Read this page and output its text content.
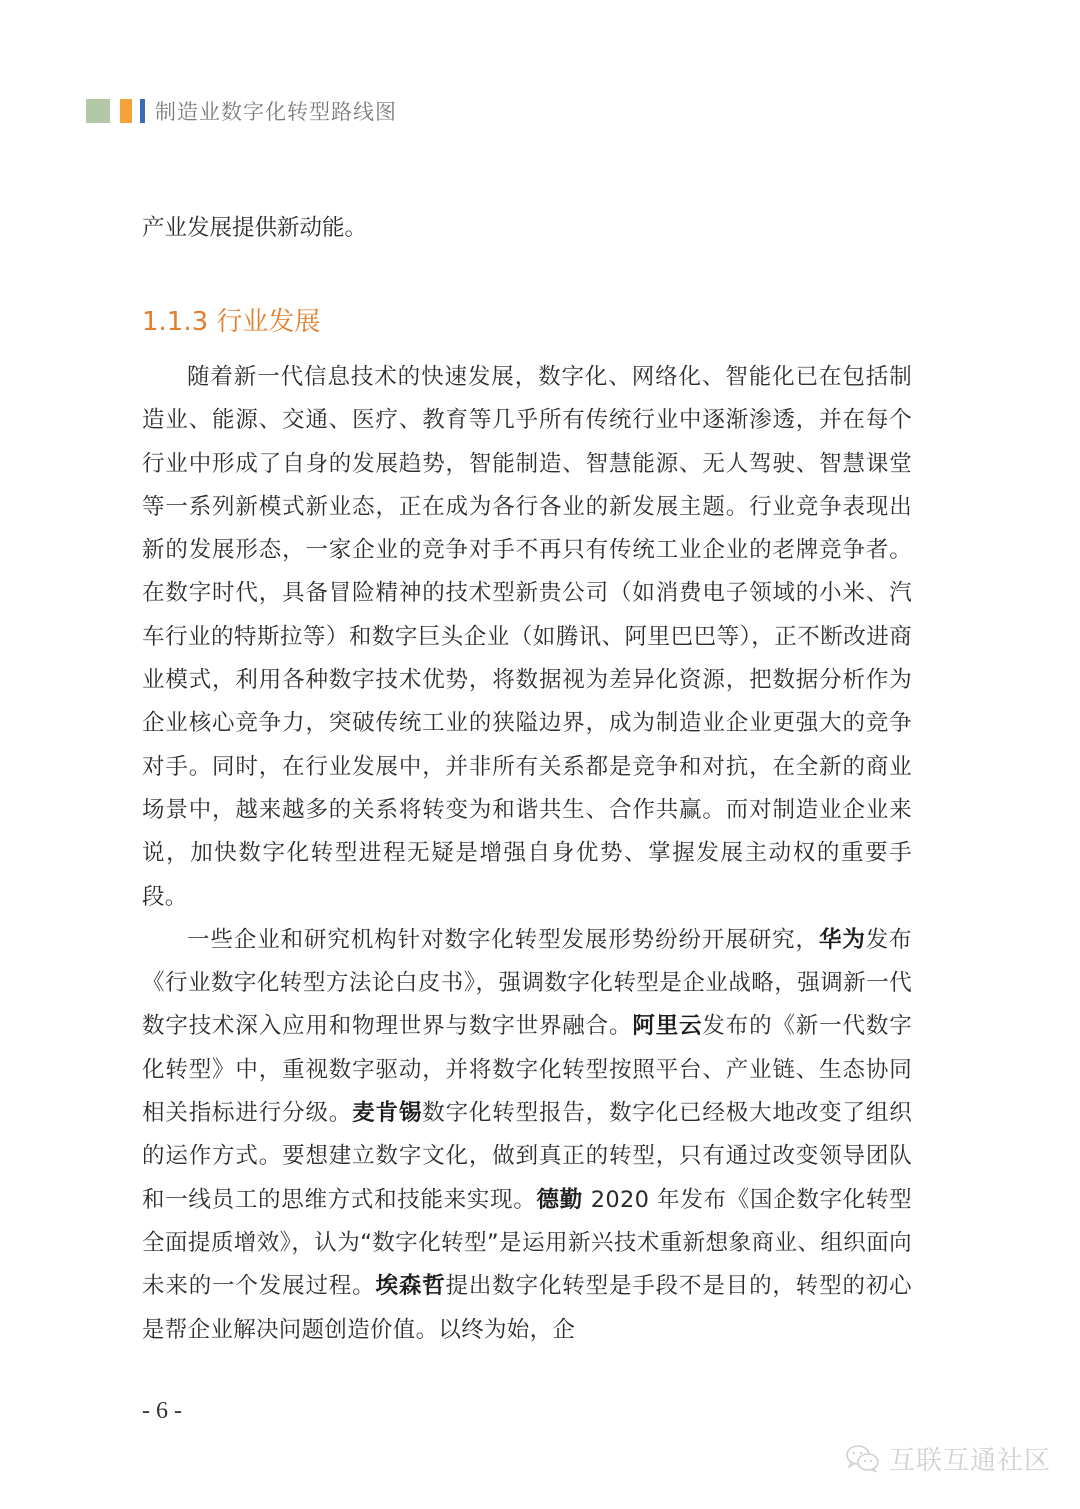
制造业数字化转型路线图

产业发展提供新动能。

1.1.3 行业发展

随着新一代信息技术的快速发展，数字化、网络化、智能化已在包括制造业、能源、交通、医疗、教育等几乎所有传统行业中逐渐渗透，并在每个行业中形成了自身的发展趋势，智能制造、智慧能源、无人驾驶、智慧课堂等一系列新模式新业态，正在成为各行各业的新发展主题。行业竞争表现出新的发展形态，一家企业的竞争对手不再只有传统工业企业的老牌竞争者。在数字时代，具备冒险精神的技术型新贵公司（如消费电子领域的小米、汽车行业的特斯拉等）和数字巨头企业（如腾讯、阿里巴巴等），正不断改进商业模式，利用各种数字技术优势，将数据视为差异化资源，把数据分析作为企业核心竞争力，突破传统工业的狭隘边界，成为制造业企业更强大的竞争对手。同时，在行业发展中，并非所有关系都是竞争和对抗，在全新的商业场景中，越来越多的关系将转变为和谐共生、合作共赢。而对制造业企业来说，加快数字化转型进程无疑是增强自身优势、掌握发展主动权的重要手段。

一些企业和研究机构针对数字化转型发展形势纷纷开展研究，华为发布《行业数字化转型方法论白皮书》，强调数字化转型是企业战略，强调新一代数字技术深入应用和物理世界与数字世界融合。阿里云发布的《新一代数字化转型》中，重视数字驱动，并将数字化转型按照平台、产业链、生态协同相关指标进行分级。麦肯锡数字化转型报告，数字化已经极大地改变了组织的运作方式。要想建立数字文化，做到真正的转型，只有通过改变领导团队和一线员工的思维方式和技能来实现。德勤 2020 年发布《国企数字化转型全面提质增效》，认为“数字化转型”是运用新兴技术重新想象商业、组织面向未来的一个发展过程。埃森哲提出数字化转型是手段不是目的，转型的初心是帮企业解决问题创造价值。以终为始，企

- 6 -
互联互通社区
